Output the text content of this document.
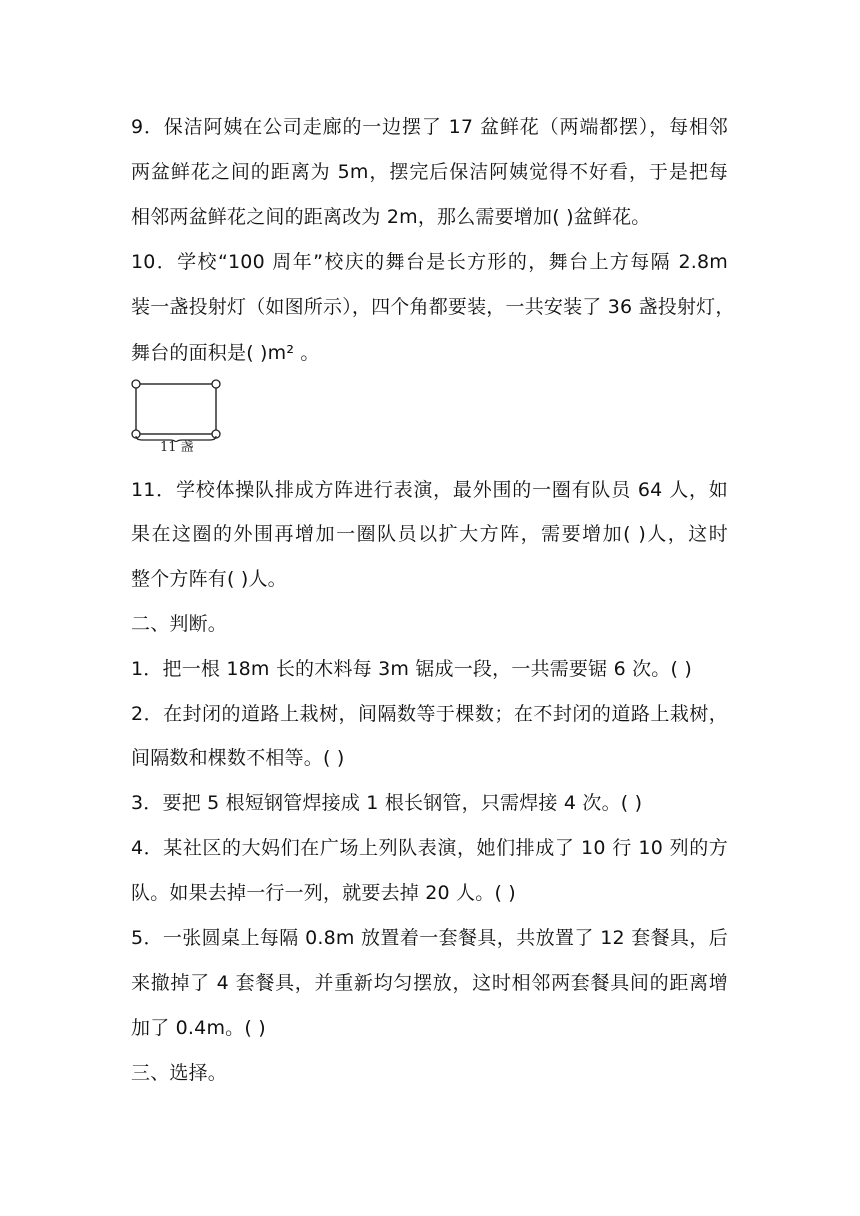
9．保洁阿姨在公司走廊的一边摆了 17 盆鲜花（两端都摆），每相邻
两盆鲜花之间的距离为 5m，摆完后保洁阿姨觉得不好看，于是把每
相邻两盆鲜花之间的距离改为 2m，那么需要增加( )盆鲜花。
10．学校“100 周年”校庆的舞台是长方形的，舞台上方每隔 2.8m
装一盏投射灯（如图所示），四个角都要装，一共安装了 36 盏投射灯，
舞台的面积是( )m² 。
11 盏
11．学校体操队排成方阵进行表演，最外围的一圈有队员 64 人，如
果在这圈的外围再增加一圈队员以扩大方阵，需要增加( )人，这时
整个方阵有( )人。
二、判断。
1．把一根 18m 长的木料每 3m 锯成一段，一共需要锯 6 次。( )
2．在封闭的道路上栽树，间隔数等于棵数；在不封闭的道路上栽树，
间隔数和棵数不相等。( )
3．要把 5 根短钢管焊接成 1 根长钢管，只需焊接 4 次。( )
4．某社区的大妈们在广场上列队表演，她们排成了 10 行 10 列的方
队。如果去掉一行一列，就要去掉 20 人。( )
5．一张圆桌上每隔 0.8m 放置着一套餐具，共放置了 12 套餐具，后
来撤掉了 4 套餐具，并重新均匀摆放，这时相邻两套餐具间的距离增
加了 0.4m。( )
三、选择。
